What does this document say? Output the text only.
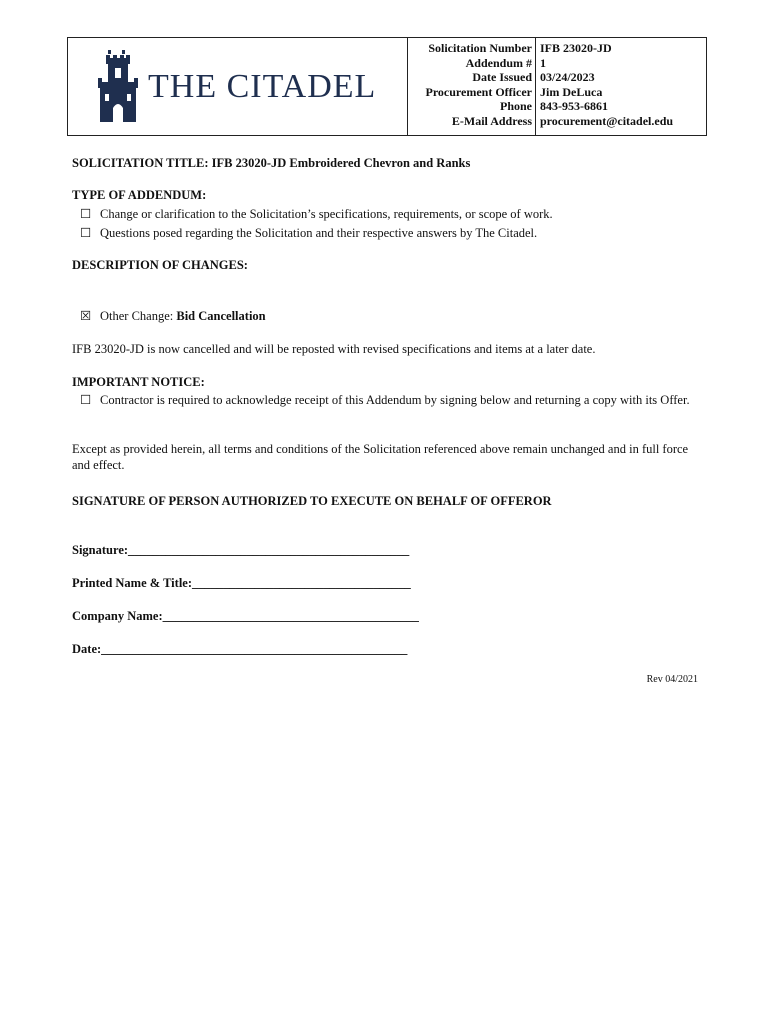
THE CITADEL
Solicitation Number
Addendum #
Date Issued
Procurement Officer
Phone
E-Mail Address
IFB 23020-JD
1
03/24/2023
Jim DeLuca
843-953-6861
procurement@citadel.edu
SOLICITATION TITLE: IFB 23020-JD Embroidered Chevron and Ranks
TYPE OF ADDENDUM:
☐ Change or clarification to the Solicitation’s specifications, requirements, or scope of work.
☐ Questions posed regarding the Solicitation and their respective answers by The Citadel.
DESCRIPTION OF CHANGES:
☒ Other Change: Bid Cancellation
IFB 23020-JD is now cancelled and will be reposted with revised specifications and items at a later date.
IMPORTANT NOTICE:
☐ Contractor is required to acknowledge receipt of this Addendum by signing below and returning a copy with its Offer.
Except as provided herein, all terms and conditions of the Solicitation referenced above remain unchanged and in full force and effect.
SIGNATURE OF PERSON AUTHORIZED TO EXECUTE ON BEHALF OF OFFEROR
Signature:_____________________________________________
Printed Name & Title:___________________________________
Company Name:_________________________________________
Date:_________________________________________________
Rev 04/2021
